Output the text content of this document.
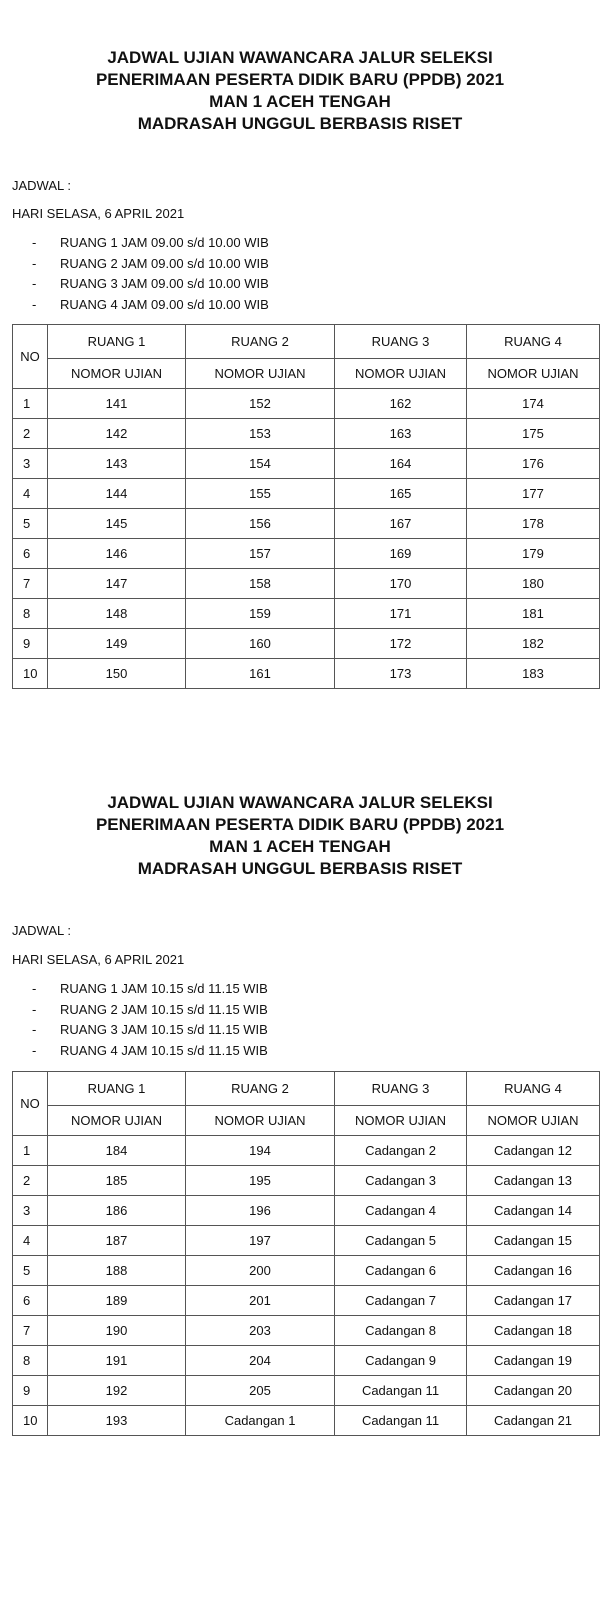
JADWAL UJIAN WAWANCARA JALUR SELEKSI

PENERIMAAN PESERTA DIDIK BARU (PPDB) 2021

MAN 1 ACEH TENGAH

MADRASAH UNGGUL BERBASIS RISET

JADWAL :
HARI SELASA, 6 APRIL 2021
- RUANG 1 JAM 09.00 s/d 10.00 WIB
- RUANG 2 JAM 09.00 s/d 10.00 WIB
- RUANG 3 JAM 09.00 s/d 10.00 WIB
- RUANG 4 JAM 09.00 s/d 10.00 WIB
NO	RUANG 1	RUANG 2	RUANG 3	RUANG 4
	NOMOR UJIAN	NOMOR UJIAN	NOMOR UJIAN	NOMOR UJIAN
1	141	152	162	174
2	142	153	163	175
3	143	154	164	176
4	144	155	165	177
5	145	156	167	178
6	146	157	169	179
7	147	158	170	180
8	148	159	171	181
9	149	160	172	182
10	150	161	173	183

JADWAL UJIAN WAWANCARA JALUR SELEKSI

PENERIMAAN PESERTA DIDIK BARU (PPDB) 2021

MAN 1 ACEH TENGAH

MADRASAH UNGGUL BERBASIS RISET

JADWAL :
HARI SELASA, 6 APRIL 2021
- RUANG 1 JAM 10.15 s/d 11.15 WIB
- RUANG 2 JAM 10.15 s/d 11.15 WIB
- RUANG 3 JAM 10.15 s/d 11.15 WIB
- RUANG 4 JAM 10.15 s/d 11.15 WIB
NO	RUANG 1	RUANG 2	RUANG 3	RUANG 4
	NOMOR UJIAN	NOMOR UJIAN	NOMOR UJIAN	NOMOR UJIAN
1	184	194	Cadangan 2	Cadangan 12
2	185	195	Cadangan 3	Cadangan 13
3	186	196	Cadangan 4	Cadangan 14
4	187	197	Cadangan 5	Cadangan 15
5	188	200	Cadangan 6	Cadangan 16
6	189	201	Cadangan 7	Cadangan 17
7	190	203	Cadangan 8	Cadangan 18
8	191	204	Cadangan 9	Cadangan 19
9	192	205	Cadangan 11	Cadangan 20
10	193	Cadangan 1	Cadangan 11	Cadangan 21
